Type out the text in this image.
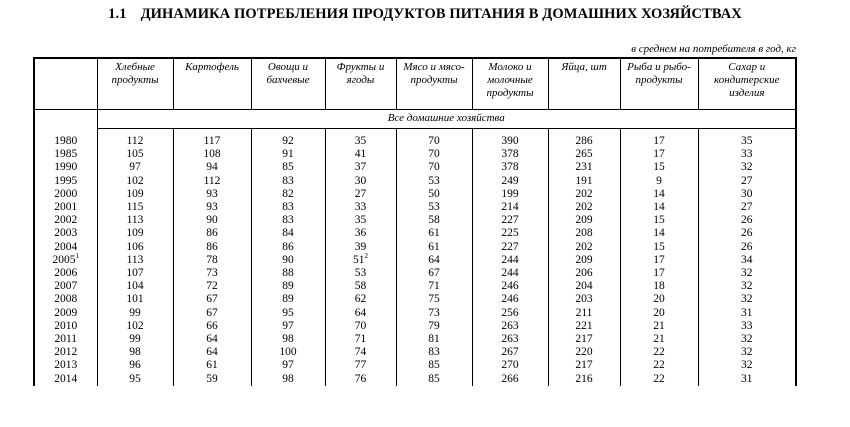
1.1 ДИНАМИКА ПОТРЕБЛЕНИЯ ПРОДУКТОВ ПИТАНИЯ В ДОМАШНИХ ХОЗЯЙСТВАХ
в среднем на потребителя в год, кг
	Хлебные продукты	Картофель	Овощи и бахчевые	Фрукты и ягоды	Мясо и мясо-продукты	Молоко и молочные продукты	Яйца, шт	Рыба и рыбо-продукты	Сахар и кондитерские изделия
	Все домашние хозяйства								

1980	112	117	92	35	70	390	286	17	35
1985	105	108	91	41	70	378	265	17	33
1990	97	94	85	37	70	378	231	15	32
1995	102	112	83	30	53	249	191	9	27
2000	109	93	82	27	50	199	202	14	30
2001	115	93	83	33	53	214	202	14	27
2002	113	90	83	35	58	227	209	15	26
2003	109	86	84	36	61	225	208	14	26
2004	106	86	86	39	61	227	202	15	26
2005$^1$	113	78	90	$51^2$	64	244	209	17	34
2006	107	73	88	53	67	244	206	17	32
2007	104	72	89	58	71	246	204	18	32
2008	101	67	89	62	75	246	203	20	32
2009	99	67	95	64	73	256	211	20	31
2010	102	66	97	70	79	263	221	21	33
2011	99	64	98	71	81	263	217	21	32
2012	98	64	100	74	83	267	220	22	32
2013	96	61	97	77	85	270	217	22	32
2014	95	59	98	76	85	266	216	22	31
